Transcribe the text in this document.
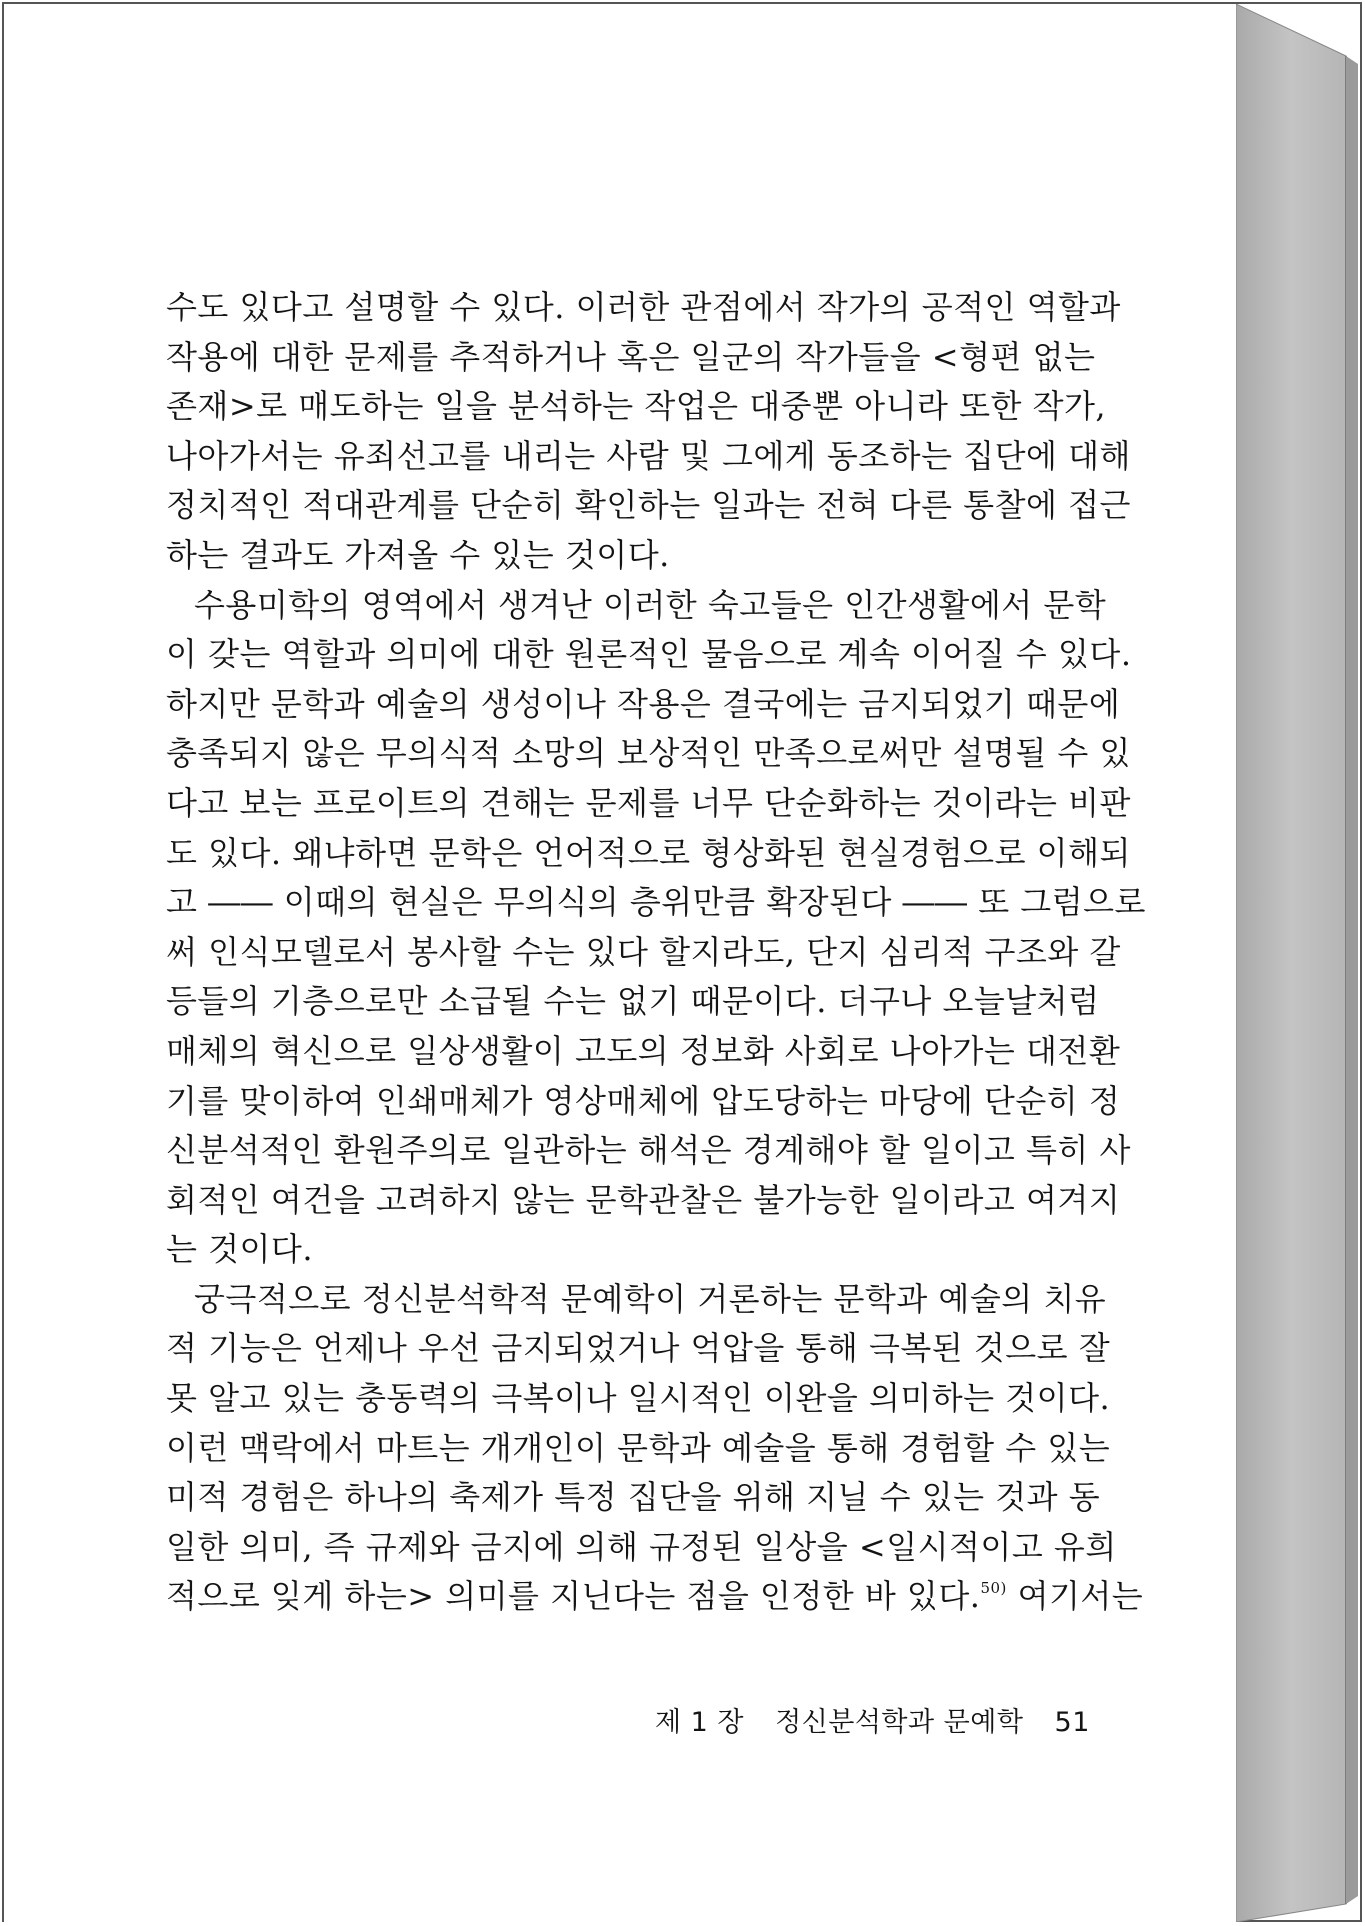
수도 있다고 설명할 수 있다. 이러한 관점에서 작가의 공적인 역할과
작용에 대한 문제를 추적하거나 혹은 일군의 작가들을 <형편 없는
존재>로 매도하는 일을 분석하는 작업은 대중뿐 아니라 또한 작가,
나아가서는 유죄선고를 내리는 사람 및 그에게 동조하는 집단에 대해
정치적인 적대관계를 단순히 확인하는 일과는 전혀 다른 통찰에 접근
하는 결과도 가져올 수 있는 것이다.

수용미학의 영역에서 생겨난 이러한 숙고들은 인간생활에서 문학
이 갖는 역할과 의미에 대한 원론적인 물음으로 계속 이어질 수 있다.
하지만 문학과 예술의 생성이나 작용은 결국에는 금지되었기 때문에
충족되지 않은 무의식적 소망의 보상적인 만족으로써만 설명될 수 있
다고 보는 프로이트의 견해는 문제를 너무 단순화하는 것이라는 비판
도 있다. 왜냐하면 문학은 언어적으로 형상화된 현실경험으로 이해되
고 ―― 이때의 현실은 무의식의 층위만큼 확장된다 ―― 또 그럼으로
써 인식모델로서 봉사할 수는 있다 할지라도, 단지 심리적 구조와 갈
등들의 기층으로만 소급될 수는 없기 때문이다. 더구나 오늘날처럼
매체의 혁신으로 일상생활이 고도의 정보화 사회로 나아가는 대전환
기를 맞이하여 인쇄매체가 영상매체에 압도당하는 마당에 단순히 정
신분석적인 환원주의로 일관하는 해석은 경계해야 할 일이고 특히 사
회적인 여건을 고려하지 않는 문학관찰은 불가능한 일이라고 여겨지
는 것이다.

궁극적으로 정신분석학적 문예학이 거론하는 문학과 예술의 치유
적 기능은 언제나 우선 금지되었거나 억압을 통해 극복된 것으로 잘
못 알고 있는 충동력의 극복이나 일시적인 이완을 의미하는 것이다.
이런 맥락에서 마트는 개개인이 문학과 예술을 통해 경험할 수 있는
미적 경험은 하나의 축제가 특정 집단을 위해 지닐 수 있는 것과 동
일한 의미, 즉 규제와 금지에 의해 규정된 일상을 <일시적이고 유희
적으로 잊게 하는> 의미를 지닌다는 점을 인정한 바 있다.$^{50)}$ 여기서는

제 1 장 정신분석학과 문예학 51
